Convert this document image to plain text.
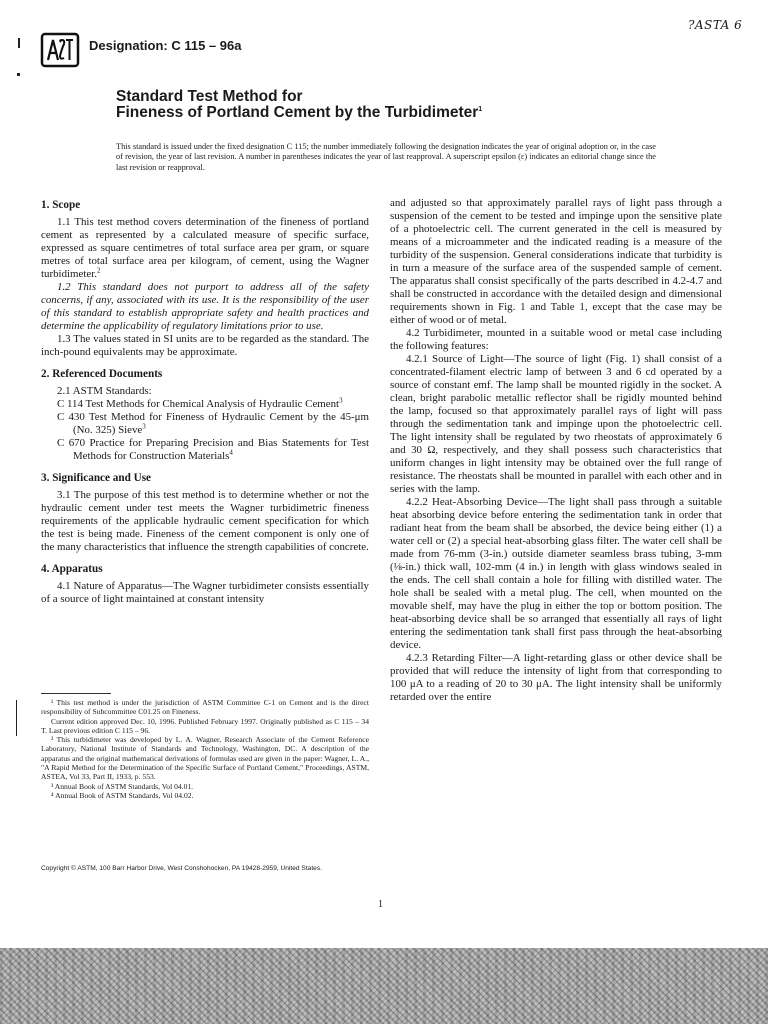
?ASTA 6
Designation: C 115 – 96a
Standard Test Method for
Fineness of Portland Cement by the Turbidimeter$^1$
This standard is issued under the fixed designation C 115; the number immediately following the designation indicates the year of original adoption or, in the case of revision, the year of last revision. A number in parentheses indicates the year of last reapproval. A superscript epsilon (ε) indicates an editorial change since the last revision or reapproval.
1. Scope

1.1 This test method covers determination of the fineness of portland cement as represented by a calculated measure of specific surface, expressed as square centimetres of total surface area per gram, or square metres of total surface area per kilogram, of cement, using the Wagner turbidimeter.$^2$

1.2 This standard does not purport to address all of the safety concerns, if any, associated with its use. It is the responsibility of the user of this standard to establish appropriate safety and health practices and determine the applicability of regulatory limitations prior to use.

1.3 The values stated in SI units are to be regarded as the standard. The inch-pound equivalents may be approximate.

2. Referenced Documents

2.1 ASTM Standards:

C 114 Test Methods for Chemical Analysis of Hydraulic Cement$^3$

C 430 Test Method for Fineness of Hydraulic Cement by the 45-μm (No. 325) Sieve$^3$

C 670 Practice for Preparing Precision and Bias Statements for Test Methods for Construction Materials$^4$

3. Significance and Use

3.1 The purpose of this test method is to determine whether or not the hydraulic cement under test meets the Wagner turbidimetric fineness requirements of the applicable hydraulic cement specification for which the test is being made. Fineness of the cement component is only one of the many characteristics that influence the strength capabilities of concrete.

4. Apparatus

4.1 Nature of Apparatus—The Wagner turbidimeter consists essentially of a source of light maintained at constant intensity

and adjusted so that approximately parallel rays of light pass through a suspension of the cement to be tested and impinge upon the sensitive plate of a photoelectric cell. The current generated in the cell is measured by means of a microammeter and the indicated reading is a measure of the turbidity of the suspension. General considerations indicate that turbidity is in turn a measure of the surface area of the suspended sample of cement. The apparatus shall consist specifically of the parts described in 4.2-4.7 and shall be constructed in accordance with the detailed design and dimensional requirements shown in Fig. 1 and Table 1, except that the case may be either of wood or of metal.

4.2 Turbidimeter, mounted in a suitable wood or metal case including the following features:

4.2.1 Source of Light—The source of light (Fig. 1) shall consist of a concentrated-filament electric lamp of between 3 and 6 cd operated by a source of constant emf. The lamp shall be mounted rigidly in the socket. A clean, bright parabolic metallic reflector shall be rigidly mounted behind the lamp, focused so that approximately parallel rays of light will pass through the sedimentation tank and impinge upon the photoelectric cell. The light intensity shall be regulated by two rheostats of approximately 6 and 30 Ω, respectively, and they shall possess such characteristics that uniform changes in light intensity may be obtained over the full range of resistance. The rheostats shall be mounted in parallel with each other and in series with the lamp.

4.2.2 Heat-Absorbing Device—The light shall pass through a suitable heat absorbing device before entering the sedimentation tank in order that radiant heat from the beam shall be absorbed, the device being either (1) a water cell or (2) a special heat-absorbing glass filter. The water cell shall be made from 76-mm (3-in.) outside diameter seamless brass tubing, 3-mm (⅛-in.) thick wall, 102-mm (4 in.) in length with glass windows sealed in the ends. The cell shall contain a hole for filling with distilled water. The hole shall be sealed with a metal plug. The cell, when mounted on the movable shelf, may have the plug in either the top or bottom position. The heat-absorbing device shall be so arranged that essentially all rays of light entering the sedimentation tank shall first pass through the heat-absorbing device.

4.2.3 Retarding Filter—A light-retarding glass or other device shall be provided that will reduce the intensity of light from that corresponding to 100 μA to a reading of 20 to 30 μA. The light intensity shall be uniformly retarded over the entire

¹ This test method is under the jurisdiction of ASTM Committee C-1 on Cement and is the direct responsibility of Subcommittee C01.25 on Fineness.

Current edition approved Dec. 10, 1996. Published February 1997. Originally published as C 115 – 34 T. Last previous edition C 115 – 96.

² This turbidimeter was developed by L. A. Wagner, Research Associate of the Cement Reference Laboratory, National Institute of Standards and Technology, Washington, DC. A description of the apparatus and the original mathematical derivations of formulas used are given in the paper: Wagner, L. A., "A Rapid Method for the Determination of the Specific Surface of Portland Cement," Proceedings, ASTM, ASTEA, Vol 33, Part II, 1933, p. 553.

³ Annual Book of ASTM Standards, Vol 04.01.

⁴ Annual Book of ASTM Standards, Vol 04.02.

Copyright © ASTM, 100 Barr Harbor Drive, West Conshohocken, PA 19428-2959, United States.
1
